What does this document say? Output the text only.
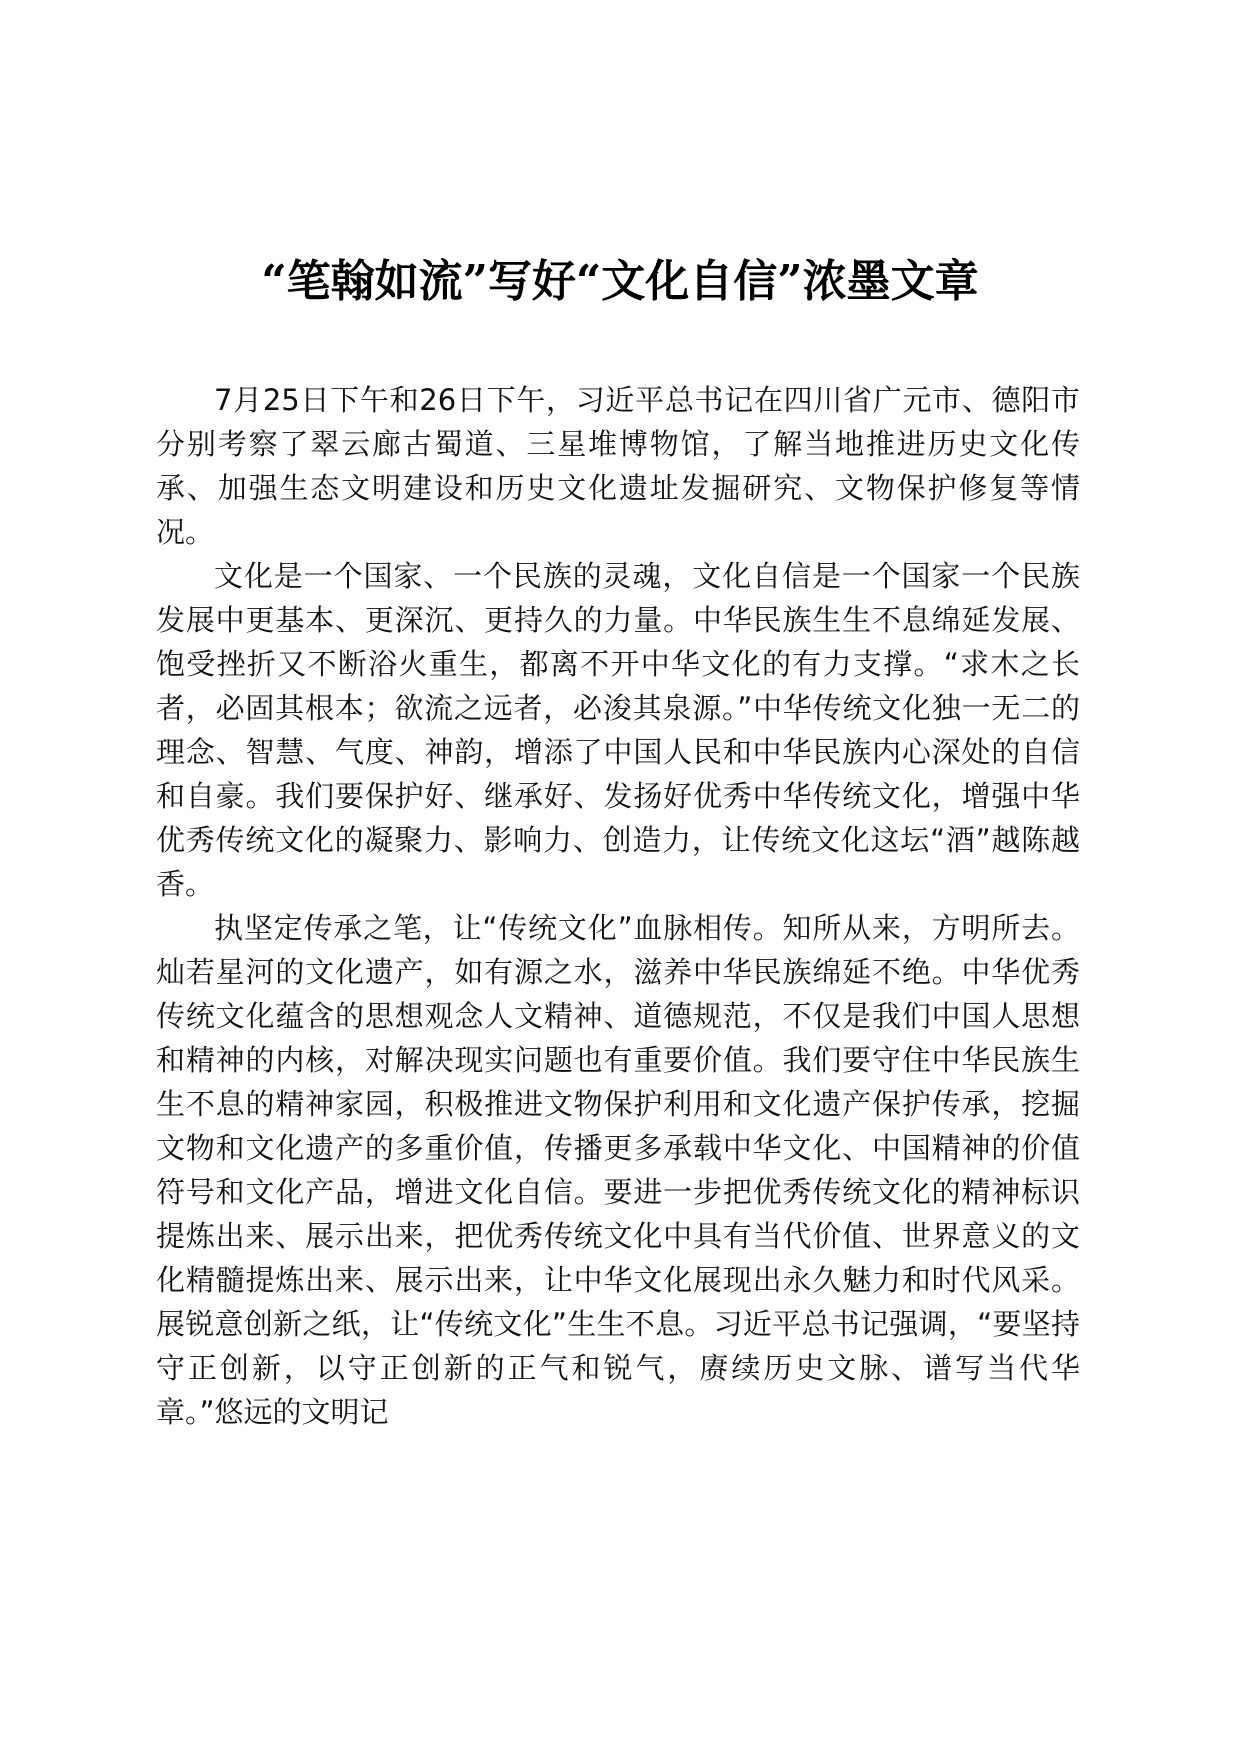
“笔翰如流”写好“文化自信”浓墨文章

7月25日下午和26日下午，习近平总书记在四川省广元市、德阳市分别考察了翠云廊古蜀道、三星堆博物馆，了解当地推进历史文化传承、加强生态文明建设和历史文化遗址发掘研究、文物保护修复等情况。

文化是一个国家、一个民族的灵魂，文化自信是一个国家一个民族发展中更基本、更深沉、更持久的力量。中华民族生生不息绵延发展、饱受挫折又不断浴火重生，都离不开中华文化的有力支撑。“求木之长者，必固其根本；欲流之远者，必浚其泉源。”中华传统文化独一无二的理念、智慧、气度、神韵，增添了中国人民和中华民族内心深处的自信和自豪。我们要保护好、继承好、发扬好优秀中华传统文化，增强中华优秀传统文化的凝聚力、影响力、创造力，让传统文化这坛“酒”越陈越香。

执坚定传承之笔，让“传统文化”血脉相传。知所从来，方明所去。灿若星河的文化遗产，如有源之水，滋养中华民族绵延不绝。中华优秀传统文化蕴含的思想观念人文精神、道德规范，不仅是我们中国人思想和精神的内核，对解决现实问题也有重要价值。我们要守住中华民族生生不息的精神家园，积极推进文物保护利用和文化遗产保护传承，挖掘文物和文化遗产的多重价值，传播更多承载中华文化、中国精神的价值符号和文化产品，增进文化自信。要进一步把优秀传统文化的精神标识提炼出来、展示出来，把优秀传统文化中具有当代价值、世界意义的文化精髓提炼出来、展示出来，让中华文化展现出永久魅力和时代风采。展锐意创新之纸，让“传统文化”生生不息。习近平总书记强调，“要坚持守正创新，以守正创新的正气和锐气，赓续历史文脉、谱写当代华章。”悠远的文明记
